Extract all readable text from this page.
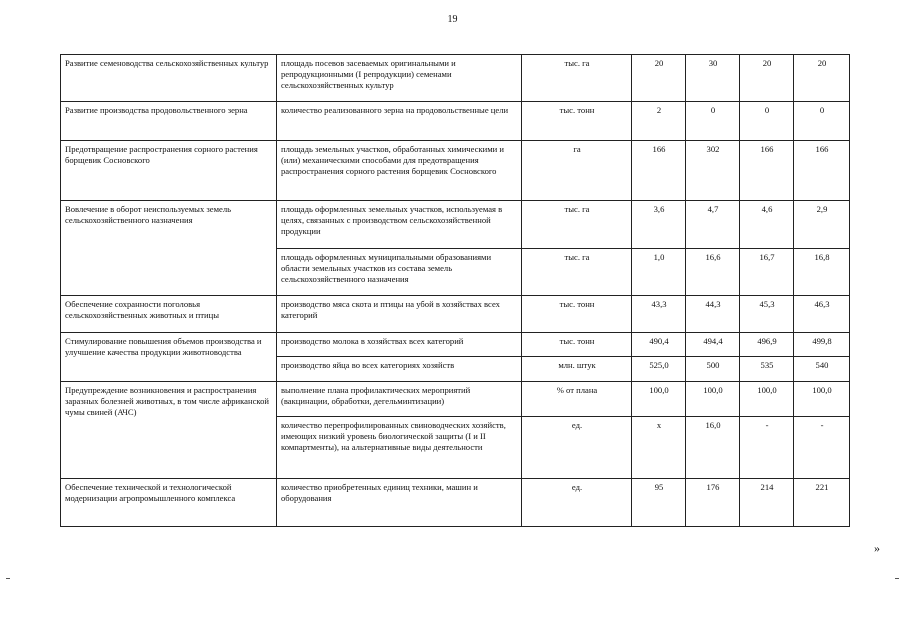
19
Развитие семеноводства сельскохозяйственных культур	площадь посевов засеваемых оригинальными и репродукционными (I репродукции) семенами сельскохозяйственных культур	тыс. га	20	30	20	20
Развитие производства продовольственного зерна	количество реализованного зерна на продовольственные цели	тыс. тонн	2	0	0	0
Предотвращение распространения сорного растения борщевик Сосновского	площадь земельных участков, обработанных химическими и (или) механическими способами для предотвращения распространения сорного растения борщевик Сосновского	га	166	302	166	166
Вовлечение в оборот неиспользуемых земель сельскохозяйственного назначения	площадь оформленных земельных участков, используемая в целях, связанных с производством сельскохозяйственной продукции	тыс. га	3,6	4,7	4,6	2,9
	площадь оформленных муниципальными образованиями области земельных участков из состава земель сельскохозяйственного назначения	тыс. га	1,0	16,6	16,7	16,8
Обеспечение сохранности поголовья сельскохозяйственных животных и птицы	производство мяса скота и птицы на убой в хозяйствах всех категорий	тыс. тонн	43,3	44,3	45,3	46,3
Стимулирование повышения объемов производства и улучшение качества продукции животноводства	производство молока в хозяйствах всех категорий	тыс. тонн	490,4	494,4	496,9	499,8
	производство яйца во всех категориях хозяйств	млн. штук	525,0	500	535	540
Предупреждение возникновения и распространения заразных болезней животных, в том числе африканской чумы свиней (АЧС)	выполнение плана профилактических мероприятий (вакцинации, обработки, дегельминтизации)	% от плана	100,0	100,0	100,0	100,0
	количество перепрофилированных свиноводческих хозяйств, имеющих низкий уровень биологической защиты (I и II компартменты), на альтернативные виды деятельности	ед.	х	16,0	-	-
Обеспечение технической и технологической модернизации агропромышленного комплекса	количество приобретенных единиц техники, машин и оборудования	ед.	95	176	214	221
»
